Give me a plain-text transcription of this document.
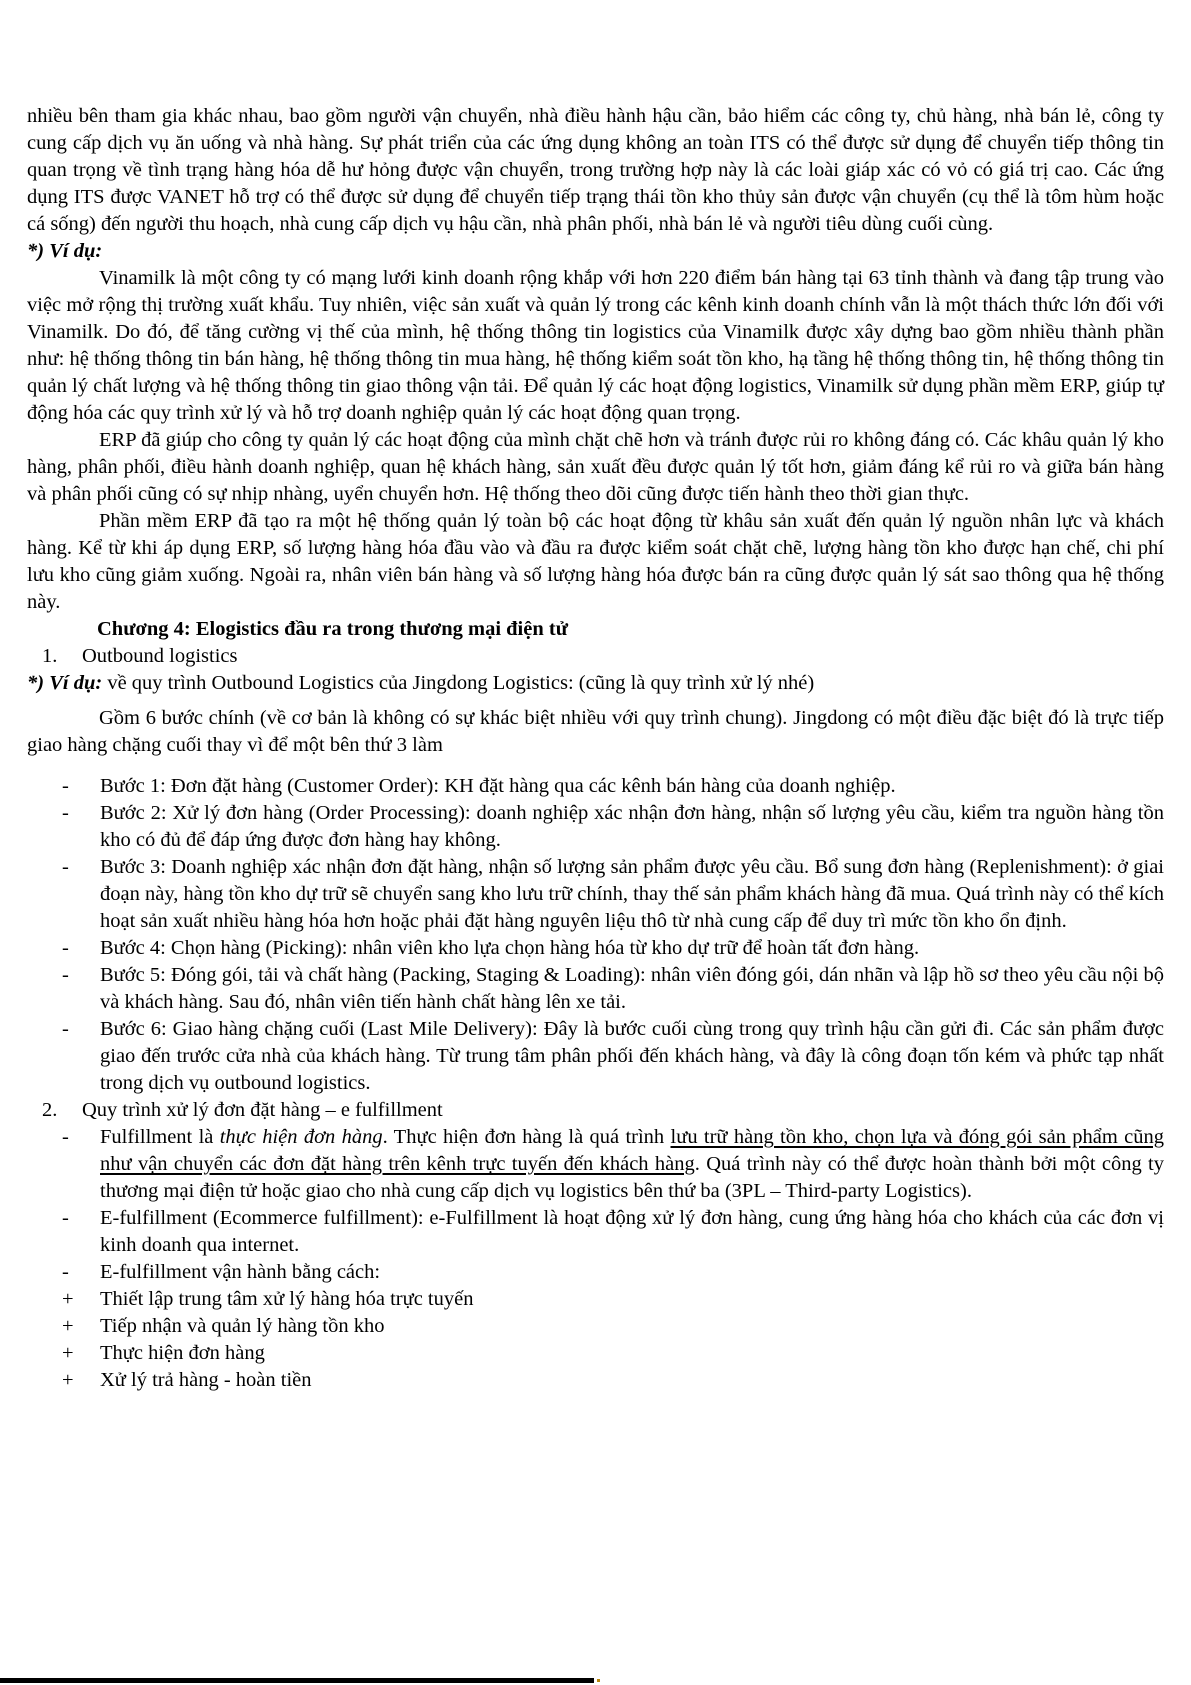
nhiều bên tham gia khác nhau, bao gồm người vận chuyển, nhà điều hành hậu cần, bảo hiểm các công ty, chủ hàng, nhà bán lẻ, công ty cung cấp dịch vụ ăn uống và nhà hàng. Sự phát triển của các ứng dụng không an toàn ITS có thể được sử dụng để chuyển tiếp thông tin quan trọng về tình trạng hàng hóa dễ hư hỏng được vận chuyển, trong trường hợp này là các loài giáp xác có vỏ có giá trị cao. Các ứng dụng ITS được VANET hỗ trợ có thể được sử dụng để chuyển tiếp trạng thái tồn kho thủy sản được vận chuyển (cụ thể là tôm hùm hoặc cá sống) đến người thu hoạch, nhà cung cấp dịch vụ hậu cần, nhà phân phối, nhà bán lẻ và người tiêu dùng cuối cùng.

*) Ví dụ:

Vinamilk là một công ty có mạng lưới kinh doanh rộng khắp với hơn 220 điểm bán hàng tại 63 tỉnh thành và đang tập trung vào việc mở rộng thị trường xuất khẩu. Tuy nhiên, việc sản xuất và quản lý trong các kênh kinh doanh chính vẫn là một thách thức lớn đối với Vinamilk. Do đó, để tăng cường vị thế của mình, hệ thống thông tin logistics của Vinamilk được xây dựng bao gồm nhiều thành phần như: hệ thống thông tin bán hàng, hệ thống thông tin mua hàng, hệ thống kiểm soát tồn kho, hạ tầng hệ thống thông tin, hệ thống thông tin quản lý chất lượng và hệ thống thông tin giao thông vận tải. Để quản lý các hoạt động logistics, Vinamilk sử dụng phần mềm ERP, giúp tự động hóa các quy trình xử lý và hỗ trợ doanh nghiệp quản lý các hoạt động quan trọng.

ERP đã giúp cho công ty quản lý các hoạt động của mình chặt chẽ hơn và tránh được rủi ro không đáng có. Các khâu quản lý kho hàng, phân phối, điều hành doanh nghiệp, quan hệ khách hàng, sản xuất đều được quản lý tốt hơn, giảm đáng kể rủi ro và giữa bán hàng và phân phối cũng có sự nhịp nhàng, uyển chuyển hơn. Hệ thống theo dõi cũng được tiến hành theo thời gian thực.

Phần mềm ERP đã tạo ra một hệ thống quản lý toàn bộ các hoạt động từ khâu sản xuất đến quản lý nguồn nhân lực và khách hàng. Kể từ khi áp dụng ERP, số lượng hàng hóa đầu vào và đầu ra được kiểm soát chặt chẽ, lượng hàng tồn kho được hạn chế, chi phí lưu kho cũng giảm xuống. Ngoài ra, nhân viên bán hàng và số lượng hàng hóa được bán ra cũng được quản lý sát sao thông qua hệ thống này.

Chương 4: Elogistics đầu ra trong thương mại điện tử

1.	Outbound logistics

*) Ví dụ: về quy trình Outbound Logistics của Jingdong Logistics: (cũng là quy trình xử lý nhé)

Gồm 6 bước chính (về cơ bản là không có sự khác biệt nhiều với quy trình chung). Jingdong có một điều đặc biệt đó là trực tiếp giao hàng chặng cuối thay vì để một bên thứ 3 làm

-	Bước 1: Đơn đặt hàng (Customer Order): KH đặt hàng qua các kênh bán hàng của doanh nghiệp.
-	Bước 2: Xử lý đơn hàng (Order Processing): doanh nghiệp xác nhận đơn hàng, nhận số lượng yêu cầu, kiểm tra nguồn hàng tồn kho có đủ để đáp ứng được đơn hàng hay không.
-	Bước 3: Doanh nghiệp xác nhận đơn đặt hàng, nhận số lượng sản phẩm được yêu cầu. Bổ sung đơn hàng (Replenishment): ở giai đoạn này, hàng tồn kho dự trữ sẽ chuyển sang kho lưu trữ chính, thay thế sản phẩm khách hàng đã mua. Quá trình này có thể kích hoạt sản xuất nhiều hàng hóa hơn hoặc phải đặt hàng nguyên liệu thô từ nhà cung cấp để duy trì mức tồn kho ổn định.
-	Bước 4: Chọn hàng (Picking): nhân viên kho lựa chọn hàng hóa từ kho dự trữ để hoàn tất đơn hàng.
-	Bước 5: Đóng gói, tải và chất hàng (Packing, Staging & Loading): nhân viên đóng gói, dán nhãn và lập hồ sơ theo yêu cầu nội bộ và khách hàng. Sau đó, nhân viên tiến hành chất hàng lên xe tải.
-	Bước 6: Giao hàng chặng cuối (Last Mile Delivery): Đây là bước cuối cùng trong quy trình hậu cần gửi đi. Các sản phẩm được giao đến trước cửa nhà của khách hàng. Từ trung tâm phân phối đến khách hàng, và đây là công đoạn tốn kém và phức tạp nhất trong dịch vụ outbound logistics.
2.	Quy trình xử lý đơn đặt hàng – e fulfillment
-	Fulfillment là thực hiện đơn hàng. Thực hiện đơn hàng là quá trình lưu trữ hàng tồn kho, chọn lựa và đóng gói sản phẩm cũng như vận chuyển các đơn đặt hàng trên kênh trực tuyến đến khách hàng. Quá trình này có thể được hoàn thành bởi một công ty thương mại điện tử hoặc giao cho nhà cung cấp dịch vụ logistics bên thứ ba (3PL – Third-party Logistics).
-	E-fulfillment (Ecommerce fulfillment): e-Fulfillment là hoạt động xử lý đơn hàng, cung ứng hàng hóa cho khách của các đơn vị kinh doanh qua internet.
-	E-fulfillment vận hành bằng cách:
+	Thiết lập trung tâm xử lý hàng hóa trực tuyến
+	Tiếp nhận và quản lý hàng tồn kho
+	Thực hiện đơn hàng
+	Xử lý trả hàng - hoàn tiền
